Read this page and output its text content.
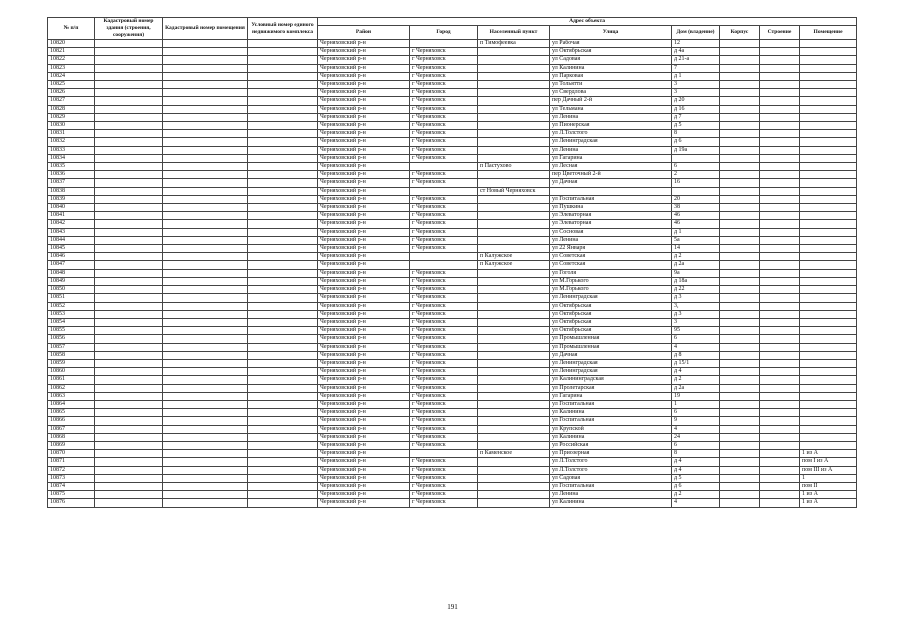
№ п/п	Кадастровый номер здания (строения, сооружения)	Кадастровый номер помещения	Условный номер единого недвижимого комплекса	Адрес объекта							
				Район	Город	Населенный пункт	Улица	Дом (владение)	Корпус	Строение	Помещение
10820				Черняховский р-н		п Тимофеевка	ул Рабочая	12			
10821				Черняховский р-н	г Черняховск		ул Октябрьская	д 4а			
10822				Черняховский р-н	г Черняховск		ул Садовая	д 21-а			
10823				Черняховский р-н	г Черняховск		ул Калинина	7			
10824				Черняховский р-н	г Черняховск		ул Парковая	д 1			
10825				Черняховский р-н	г Черняховск		ул Тольятти	3			
10826				Черняховский р-н	г Черняховск		ул Свердлова	3			
10827				Черняховский р-н	г Черняховск		пер Дачный 2-й	д 20			
10828				Черняховский р-н	г Черняховск		ул Тельмана	д 16			
10829				Черняховский р-н	г Черняховск		ул Ленина	д 7			
10830				Черняховский р-н	г Черняховск		ул Пионерская	д 5			
10831				Черняховский р-н	г Черняховск		ул Л.Толстого	8			
10832				Черняховский р-н	г Черняховск		ул Ленинградская	д 6			
10833				Черняховский р-н	г Черняховск		ул Ленина	д 19а			
10834				Черняховский р-н	г Черняховск		ул Гагарина				
10835				Черняховский р-н		п Пастухово	ул Лесная	6			
10836				Черняховский р-н	г Черняховск		пер Цветочный 2-й	2			
10837				Черняховский р-н	г Черняховск		ул Дачная	16			
10838				Черняховский р-н		ст Новый Черняховск					
10839				Черняховский р-н	г Черняховск		ул Госпитальная	20			
10840				Черняховский р-н	г Черняховск		ул Пушкина	38			
10841				Черняховский р-н	г Черняховск		ул Элеваторная	46			
10842				Черняховский р-н	г Черняховск		ул Элеваторная	46			
10843				Черняховский р-н	г Черняховск		ул Сосновая	д 1			
10844				Черняховский р-н	г Черняховск		ул Ленина	5а			
10845				Черняховский р-н	г Черняховск		ул 22 Января	14			
10846				Черняховский р-н		п Калужское	ул Советская	д 2			
10847				Черняховский р-н		п Калужское	ул Советская	д 2а			
10848				Черняховский р-н	г Черняховск		ул Гоголя	9а			
10849				Черняховский р-н	г Черняховск		ул М.Горького	д 18а			
10850				Черняховский р-н	г Черняховск		ул М.Горького	д 22			
10851				Черняховский р-н	г Черняховск		ул Ленинградская	д 3			
10852				Черняховский р-н	г Черняховск		ул Октябрьская	3,			
10853				Черняховский р-н	г Черняховск		ул Октябрьская	д 3			
10854				Черняховский р-н	г Черняховск		ул Октябрьская	3			
10855				Черняховский р-н	г Черняховск		ул Октябрьская	95			
10856				Черняховский р-н	г Черняховск		ул Промышленная	6			
10857				Черняховский р-н	г Черняховск		ул Промышленная	4			
10858				Черняховский р-н	г Черняховск		ул Дачная	д 8			
10859				Черняховский р-н	г Черняховск		ул Ленинградская	д 15/1			
10860				Черняховский р-н	г Черняховск		ул Ленинградская	д 4			
10861				Черняховский р-н	г Черняховск		ул Калининградская	д 2			
10862				Черняховский р-н	г Черняховск		ул Пролетарская	д 2а			
10863				Черняховский р-н	г Черняховск		ул Гагарина	19			
10864				Черняховский р-н	г Черняховск		ул Госпитальная	1			
10865				Черняховский р-н	г Черняховск		ул Калинина	6			
10866				Черняховский р-н	г Черняховск		ул Госпитальная	9			
10867				Черняховский р-н	г Черняховск		ул Крупской	4			
10868				Черняховский р-н	г Черняховск		ул Калинина	24			
10869				Черняховский р-н	г Черняховск		ул Российская	6			
10870				Черняховский р-н		п Каменское	ул Приозерная	8			1 из А
10871				Черняховский р-н	г Черняховск		ул Л.Толстого	д 4			пом I из А
10872				Черняховский р-н	г Черняховск		ул Л.Толстого	д 4			пом III из А
10873				Черняховский р-н	г Черняховск		ул Садовая	д 5			1
10874				Черняховский р-н	г Черняховск		ул Госпитальная	д 6			пом II
10875				Черняховский р-н	г Черняховск		ул Ленина	д 2			1 из А
10876				Черняховский р-н	г Черняховск		ул Калинина	4			1 из А
191
